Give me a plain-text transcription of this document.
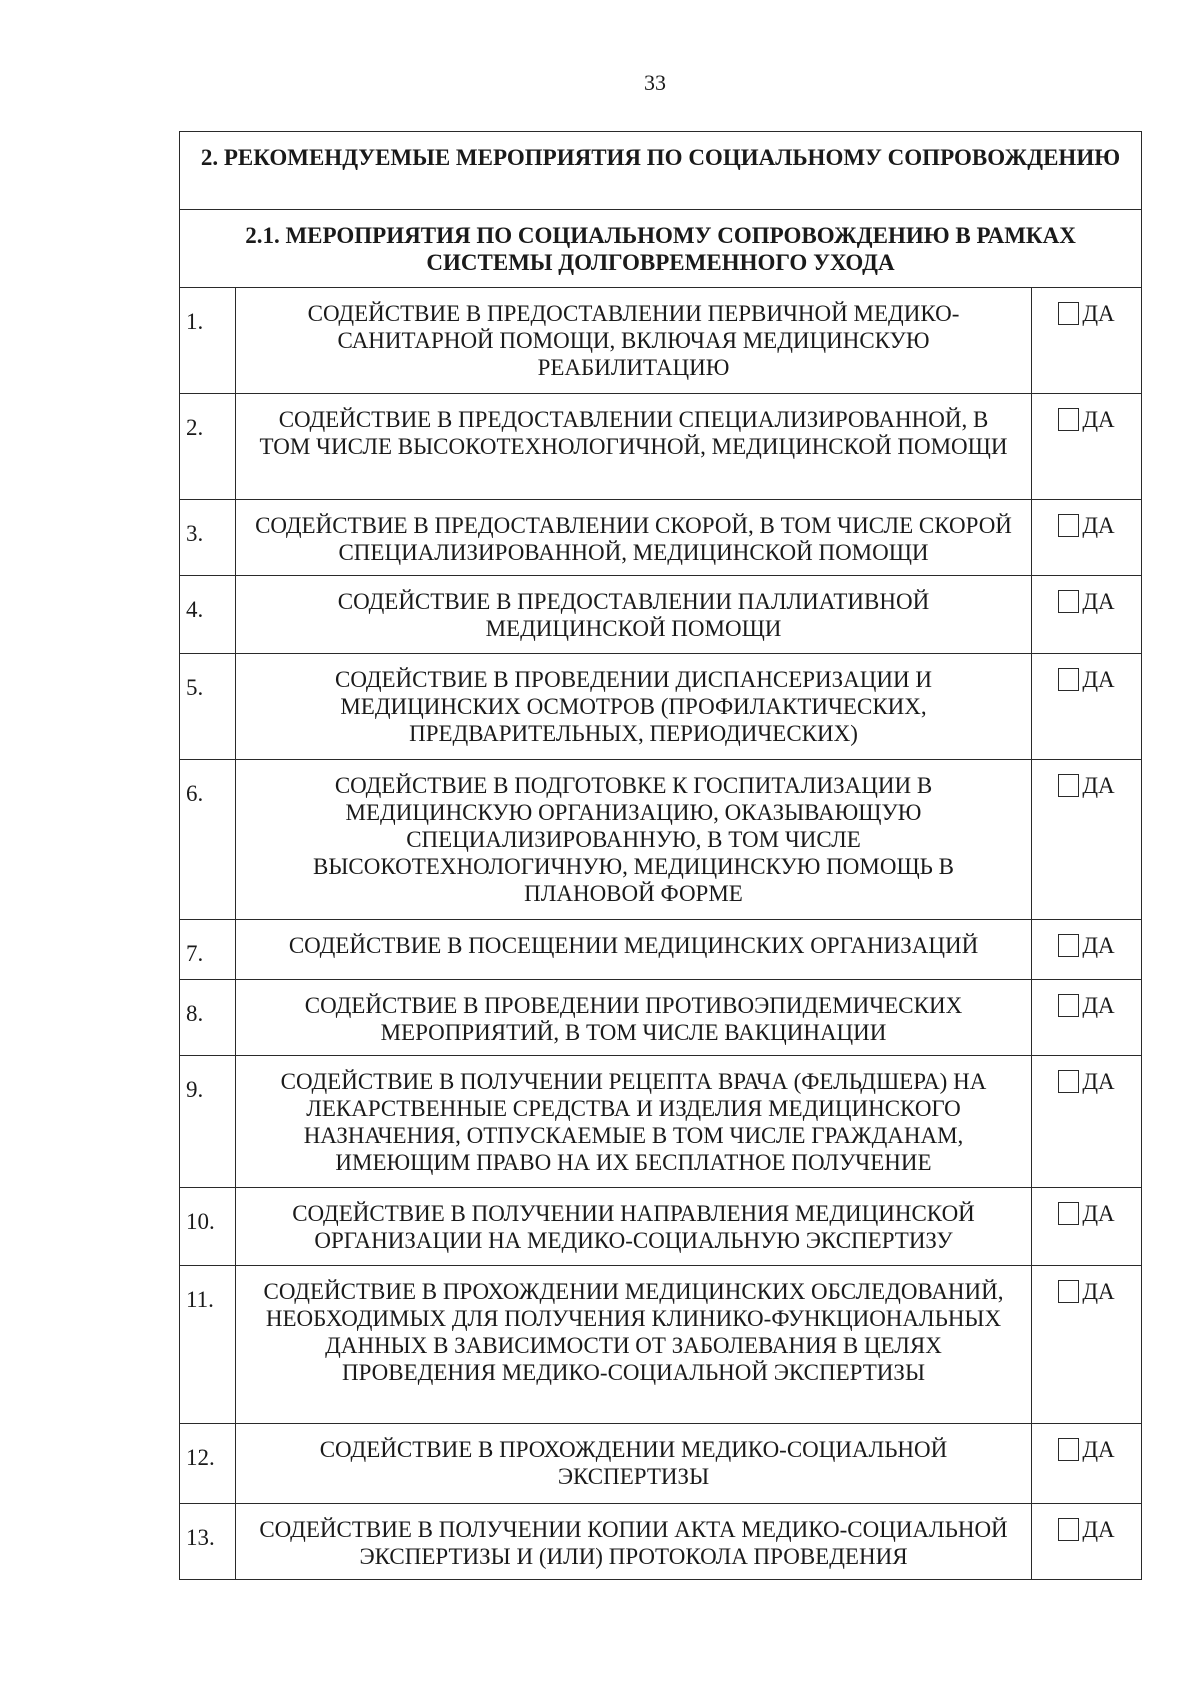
33
2. РЕКОМЕНДУЕМЫЕ МЕРОПРИЯТИЯ ПО СОЦИАЛЬНОМУ СОПРОВОЖДЕНИЮ		
2.1. МЕРОПРИЯТИЯ ПО СОЦИАЛЬНОМУ СОПРОВОЖДЕНИЮ В РАМКАХ СИСТЕМЫ ДОЛГОВРЕМЕННОГО УХОДА		
1.	СОДЕЙСТВИЕ В ПРЕДОСТАВЛЕНИИ ПЕРВИЧНОЙ МЕДИКО-САНИТАРНОЙ ПОМОЩИ, ВКЛЮЧАЯ МЕДИЦИНСКУЮ РЕАБИЛИТАЦИЮ	ДА

2.	СОДЕЙСТВИЕ В ПРЕДОСТАВЛЕНИИ СПЕЦИАЛИЗИРОВАННОЙ, В ТОМ ЧИСЛЕ ВЫСОКОТЕХНОЛОГИЧНОЙ, МЕДИЦИНСКОЙ ПОМОЩИ	ДА

3.	СОДЕЙСТВИЕ В ПРЕДОСТАВЛЕНИИ СКОРОЙ, В ТОМ ЧИСЛЕ СКОРОЙ СПЕЦИАЛИЗИРОВАННОЙ, МЕДИЦИНСКОЙ ПОМОЩИ	ДА

4.	СОДЕЙСТВИЕ В ПРЕДОСТАВЛЕНИИ ПАЛЛИАТИВНОЙ МЕДИЦИНСКОЙ ПОМОЩИ	ДА

5.	СОДЕЙСТВИЕ В ПРОВЕДЕНИИ ДИСПАНСЕРИЗАЦИИ И МЕДИЦИНСКИХ ОСМОТРОВ (ПРОФИЛАКТИЧЕСКИХ, ПРЕДВАРИТЕЛЬНЫХ, ПЕРИОДИЧЕСКИХ)	ДА

6.	СОДЕЙСТВИЕ В ПОДГОТОВКЕ К ГОСПИТАЛИЗАЦИИ В МЕДИЦИНСКУЮ ОРГАНИЗАЦИЮ, ОКАЗЫВАЮЩУЮ СПЕЦИАЛИЗИРОВАННУЮ, В ТОМ ЧИСЛЕ ВЫСОКОТЕХНОЛОГИЧНУЮ, МЕДИЦИНСКУЮ ПОМОЩЬ В ПЛАНОВОЙ ФОРМЕ	ДА

7.	СОДЕЙСТВИЕ В ПОСЕЩЕНИИ МЕДИЦИНСКИХ ОРГАНИЗАЦИЙ	ДА

8.	СОДЕЙСТВИЕ В ПРОВЕДЕНИИ ПРОТИВОЭПИДЕМИЧЕСКИХ МЕРОПРИЯТИЙ, В ТОМ ЧИСЛЕ ВАКЦИНАЦИИ	ДА

9.	СОДЕЙСТВИЕ В ПОЛУЧЕНИИ РЕЦЕПТА ВРАЧА (ФЕЛЬДШЕРА) НА ЛЕКАРСТВЕННЫЕ СРЕДСТВА И ИЗДЕЛИЯ МЕДИЦИНСКОГО НАЗНАЧЕНИЯ, ОТПУСКАЕМЫЕ В ТОМ ЧИСЛЕ ГРАЖДАНАМ, ИМЕЮЩИМ ПРАВО НА ИХ БЕСПЛАТНОЕ ПОЛУЧЕНИЕ	ДА

10.	СОДЕЙСТВИЕ В ПОЛУЧЕНИИ НАПРАВЛЕНИЯ МЕДИЦИНСКОЙ ОРГАНИЗАЦИИ НА МЕДИКО-СОЦИАЛЬНУЮ ЭКСПЕРТИЗУ	ДА

11.	СОДЕЙСТВИЕ В ПРОХОЖДЕНИИ МЕДИЦИНСКИХ ОБСЛЕДОВАНИЙ, НЕОБХОДИМЫХ ДЛЯ ПОЛУЧЕНИЯ КЛИНИКО-ФУНКЦИОНАЛЬНЫХ ДАННЫХ В ЗАВИСИМОСТИ ОТ ЗАБОЛЕВАНИЯ В ЦЕЛЯХ ПРОВЕДЕНИЯ МЕДИКО-СОЦИАЛЬНОЙ ЭКСПЕРТИЗЫ	ДА

12.	СОДЕЙСТВИЕ В ПРОХОЖДЕНИИ МЕДИКО-СОЦИАЛЬНОЙ ЭКСПЕРТИЗЫ	ДА

13.	СОДЕЙСТВИЕ В ПОЛУЧЕНИИ КОПИИ АКТА МЕДИКО-СОЦИАЛЬНОЙ ЭКСПЕРТИЗЫ И (ИЛИ) ПРОТОКОЛА ПРОВЕДЕНИЯ	ДА
